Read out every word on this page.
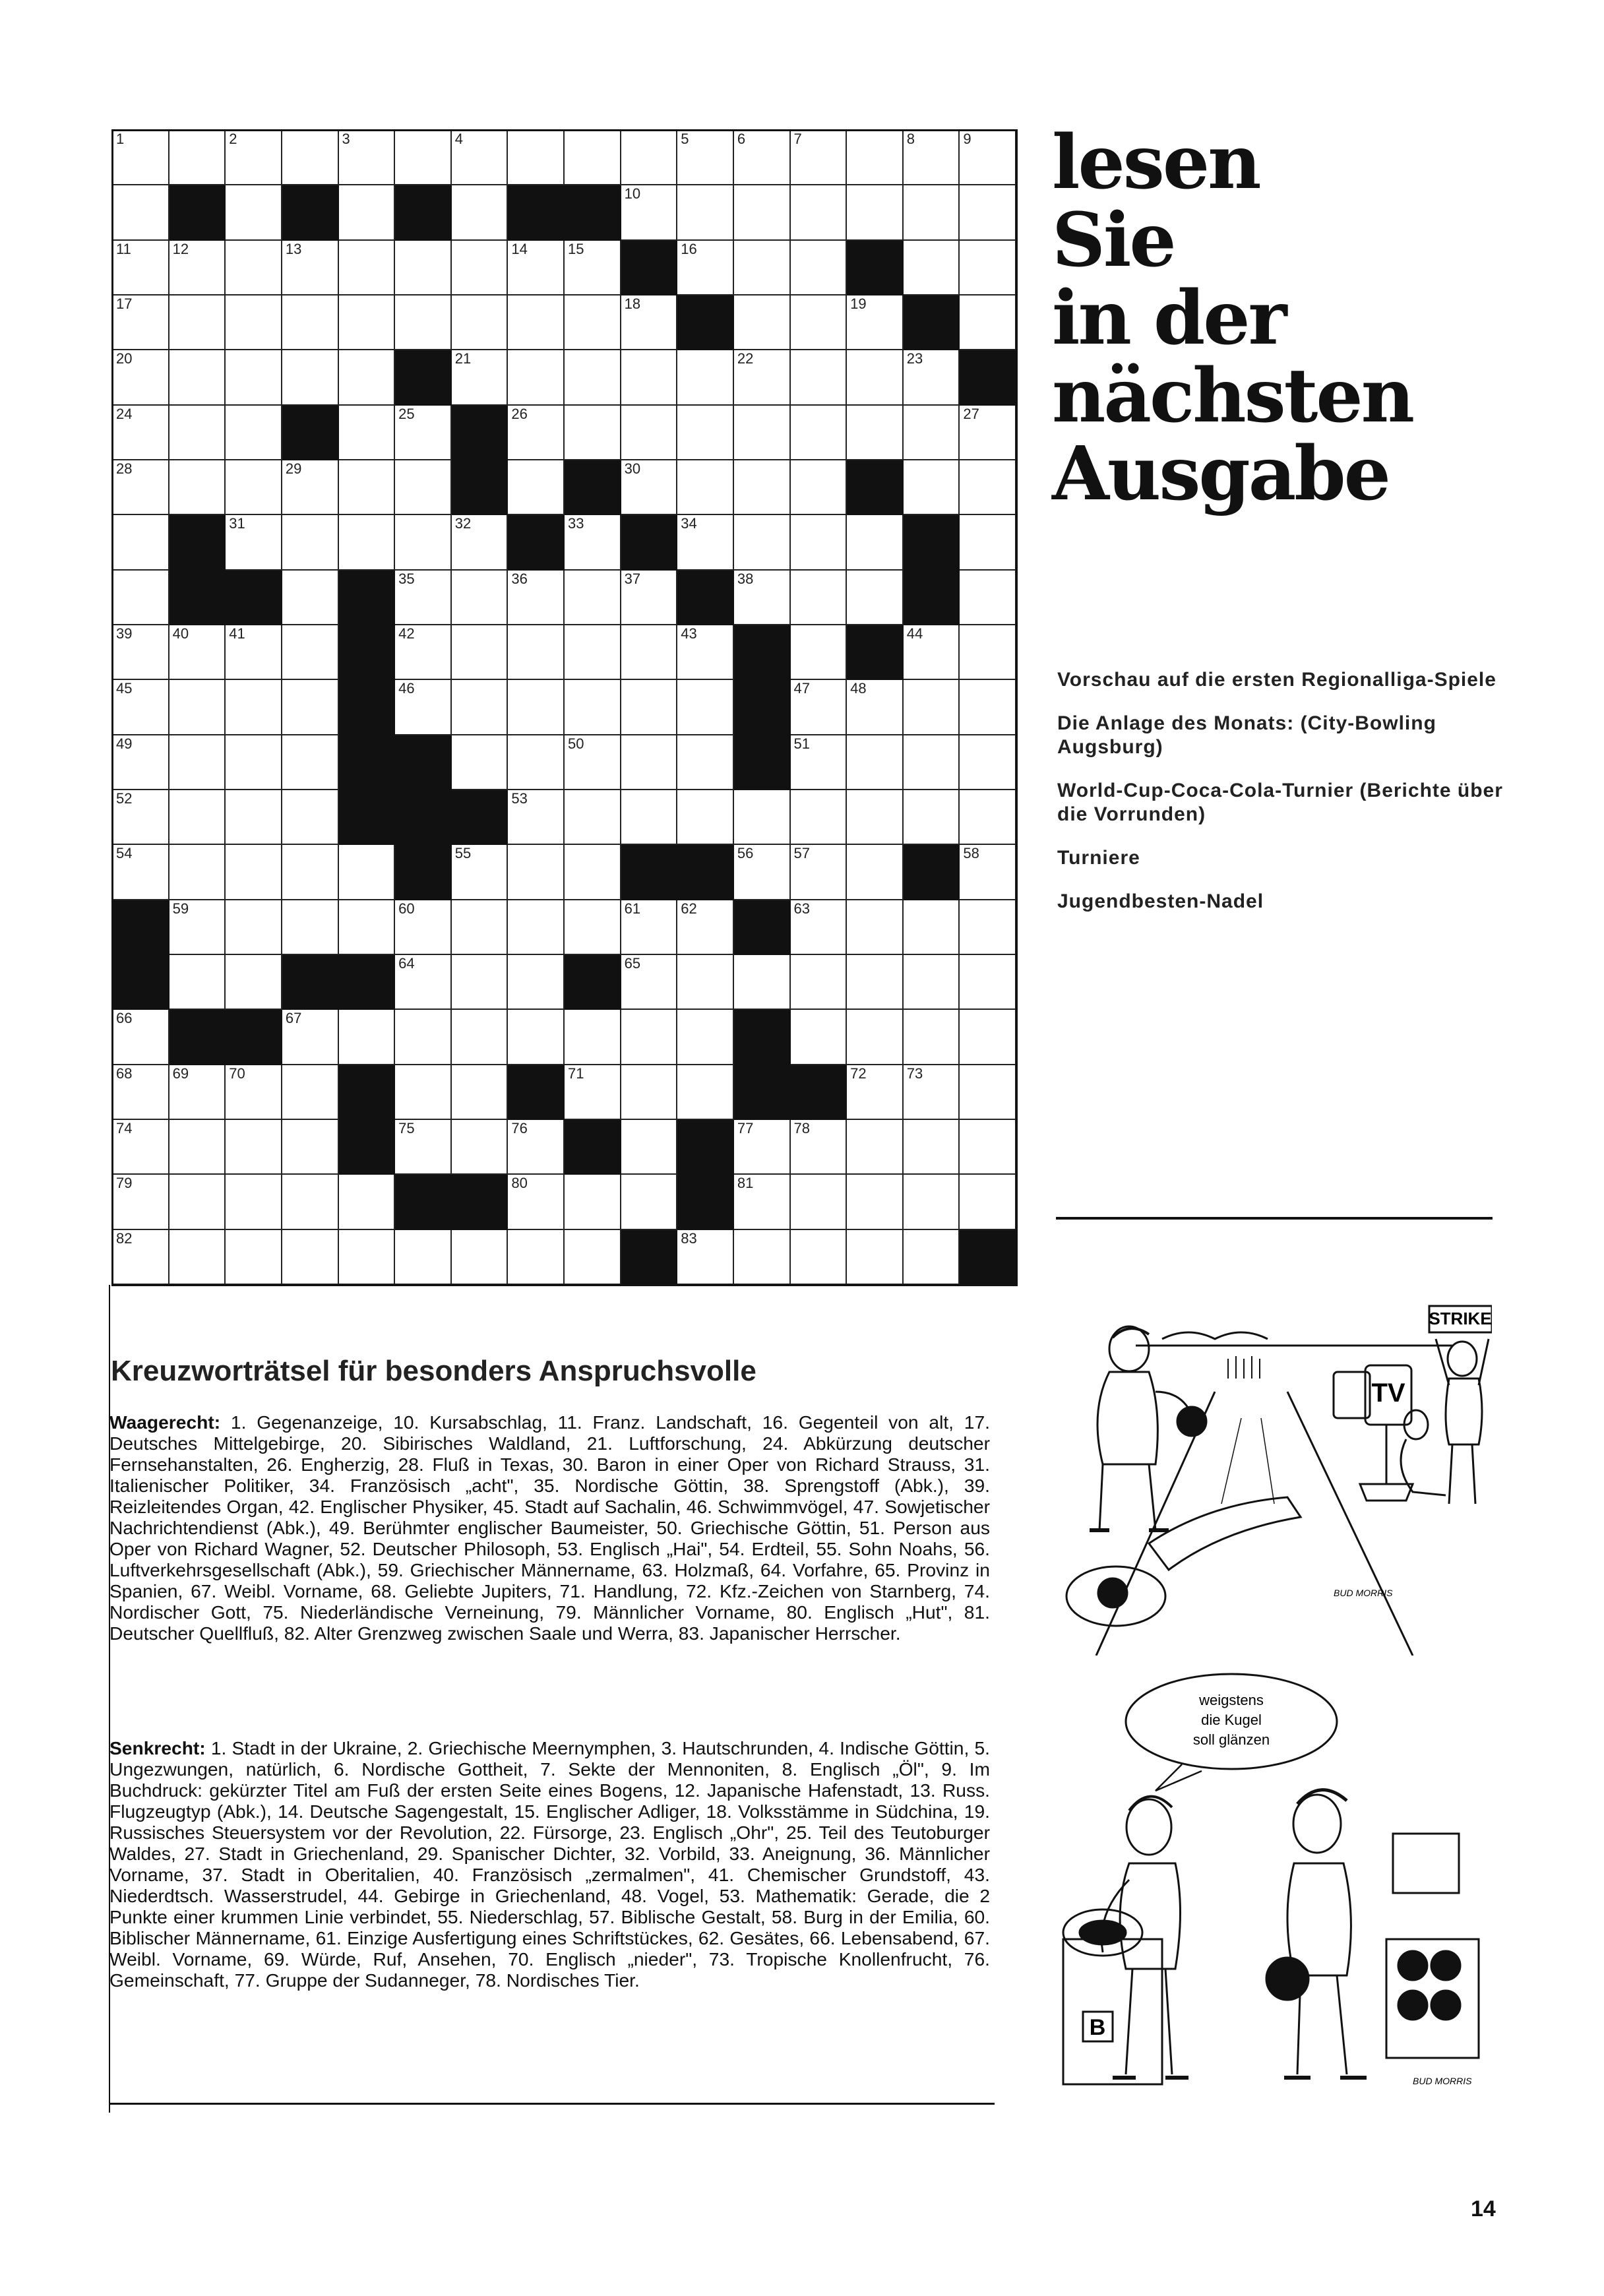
1	2	3	4	5	6	7	8	9
10
11	12	13	14	15	16
17	18	19
20	21	22	23
24	25	26	27
28	29	30
31	32	33	34
35	36	37	38
39	40	41	42	43	44
45	46	47	48
49	50	51
52	53
54	55	56	57	58
59	60	61	62	63
64	65
66	67
68	69	70	71	72	73
74	75	76	77	78
79	80	81
82	83
Kreuzworträtsel für besonders Anspruchsvolle
Waagerecht: 1. Gegenanzeige, 10. Kursabschlag, 11. Franz. Landschaft, 16. Gegenteil von alt, 17. Deutsches Mittelgebirge, 20. Sibirisches Waldland, 21. Luftforschung, 24. Abkürzung deutscher Fernsehanstalten, 26. Engherzig, 28. Fluß in Texas, 30. Baron in einer Oper von Richard Strauss, 31. Italienischer Politiker, 34. Französisch „acht", 35. Nordische Göttin, 38. Sprengstoff (Abk.), 39. Reizleitendes Organ, 42. Englischer Physiker, 45. Stadt auf Sachalin, 46. Schwimmvögel, 47. Sowjetischer Nachrichtendienst (Abk.), 49. Berühmter englischer Baumeister, 50. Griechische Göttin, 51. Person aus Oper von Richard Wagner, 52. Deutscher Philosoph, 53. Englisch „Hai", 54. Erdteil, 55. Sohn Noahs, 56. Luftverkehrsgesellschaft (Abk.), 59. Griechischer Männername, 63. Holzmaß, 64. Vorfahre, 65. Provinz in Spanien, 67. Weibl. Vorname, 68. Geliebte Jupiters, 71. Handlung, 72. Kfz.-Zeichen von Starnberg, 74. Nordischer Gott, 75. Niederländische Verneinung, 79. Männlicher Vorname, 80. Englisch „Hut", 81. Deutscher Quellfluß, 82. Alter Grenzweg zwischen Saale und Werra, 83. Japanischer Herrscher.
Senkrecht: 1. Stadt in der Ukraine, 2. Griechische Meernymphen, 3. Hautschrunden, 4. Indische Göttin, 5. Ungezwungen, natürlich, 6. Nordische Gottheit, 7. Sekte der Mennoniten, 8. Englisch „Öl", 9. Im Buchdruck: gekürzter Titel am Fuß der ersten Seite eines Bogens, 12. Japanische Hafenstadt, 13. Russ. Flugzeugtyp (Abk.), 14. Deutsche Sagengestalt, 15. Englischer Adliger, 18. Volksstämme in Südchina, 19. Russisches Steuersystem vor der Revolution, 22. Fürsorge, 23. Englisch „Ohr", 25. Teil des Teutoburger Waldes, 27. Stadt in Griechenland, 29. Spanischer Dichter, 32. Vorbild, 33. Aneignung, 36. Männlicher Vorname, 37. Stadt in Oberitalien, 40. Französisch „zermalmen", 41. Chemischer Grundstoff, 43. Niederdtsch. Wasserstrudel, 44. Gebirge in Griechenland, 48. Vogel, 53. Mathematik: Gerade, die 2 Punkte einer krummen Linie verbindet, 55. Niederschlag, 57. Biblische Gestalt, 58. Burg in der Emilia, 60. Biblischer Männername, 61. Einzige Ausfertigung eines Schriftstückes, 62. Gesätes, 66. Lebensabend, 67. Weibl. Vorname, 69. Würde, Ruf, Ansehen, 70. Englisch „nieder", 73. Tropische Knollenfrucht, 76. Gemeinschaft, 77. Gruppe der Sudanneger, 78. Nordisches Tier.
lesen
Sie
in der
nächsten
Ausgabe
Vorschau auf die ersten Regionalliga-Spiele
Die Anlage des Monats: (City-Bowling Augsburg)
World-Cup-Coca-Cola-Turnier (Berichte über die Vorrunden)
Turniere
Jugendbesten-Nadel
STRIKE
TV
BUD MORRIS
weigstens
die Kugel
soll glänzen
B
BUD MORRIS
14
